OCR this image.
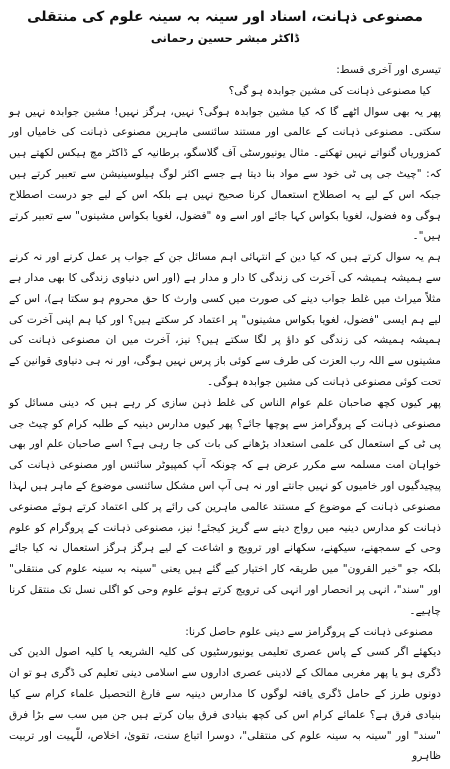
مصنوعی ذہانت، اسناد اور سینہ بہ سینہ علوم کی منتقلی
ڈاکٹر مبشر حسین رحمانی

تیسری اور آخری قسط:

کیا مصنوعی ذہانت کی مشین جوابدہ ہو گی؟

پھر یہ بھی سوال اٹھے گا کہ کیا مشین جوابدہ ہوگی؟ نہیں، ہرگز نہیں! مشین جوابدہ نہیں ہو سکتی۔ مصنوعی ذہانت کے عالمی اور مستند سائنسی ماہرین مصنوعی ذہانت کی خامیاں اور کمزوریاں گنواتے نہیں تھکتے۔ مثال یونیورسٹی آف گلاسگو، برطانیہ کے ڈاکٹر مچ ہیکس لکھتے ہیں کہ: "چیٹ جی پی ٹی خود سے مواد بنا دیتا ہے جسے اکثر لوگ ہیلوسینیشن سے تعبیر کرتے ہیں جبکہ اس کے لیے یہ اصطلاح استعمال کرنا صحیح نہیں ہے بلکہ اس کے لیے جو درست اصطلاح ہوگی وہ فضول، لغویا بکواس کہا جائے اور اسے وہ "فضول، لغویا بکواس مشینوں" سے تعبیر کرتے ہیں"۔

ہم یہ سوال کرتے ہیں کہ کیا دین کے انتہائی اہم مسائل جن کے جواب پر عمل کرنے اور نہ کرنے سے ہمیشہ ہمیشہ کی آخرت کی زندگی کا دار و مدار ہے (اور اس دنیاوی زندگی کا بھی مدار ہے مثلاً میراث میں غلط جواب دینے کی صورت میں کسی وارث کا حق محروم ہو سکتا ہے)، اس کے لیے ہم ایسی "فضول، لغویا بکواس مشینوں" پر اعتماد کر سکتے ہیں؟ اور کیا ہم اپنی آخرت کی ہمیشہ ہمیشہ کی زندگی کو داؤ پر لگا سکتے ہیں؟ نیز، آخرت میں ان مصنوعی ذہانت کی مشینوں سے اللہ رب العزت کی طرف سے کوئی باز پرس نہیں ہوگی، اور نہ ہی دنیاوی قوانین کے تحت کوئی مصنوعی ذہانت کی مشین جوابدہ ہوگی۔

پھر کیوں کچھ صاحبان علم عوام الناس کی غلط ذہن سازی کر رہے ہیں کہ دینی مسائل کو مصنوعی ذہانت کے پروگرامز سے پوچھا جائے؟ پھر کیوں مدارس دینیہ کے طلبہ کرام کو چیٹ جی پی ٹی کے استعمال کی علمی استعداد بڑھانے کی بات کی جا رہی ہے؟ اسے صاحبان علم اور بھی خواہان امت مسلمہ سے مکرر عرض ہے کہ چونکہ آپ کمپیوٹر سائنس اور مصنوعی ذہانت کی پیچیدگیوں اور خامیوں کو نہیں جانتے اور نہ ہی آپ اس مشکل سائنسی موضوع کے ماہر ہیں لہذا مصنوعی ذہانت کے موضوع کے مستند عالمی ماہرین کی رائے پر کلی اعتماد کرتے ہوئے مصنوعی ذہانت کو مدارس دینیہ میں رواج دینے سے گریز کیجئے! نیز، مصنوعی ذہانت کے پروگرام کو علوم وحی کے سمجھنے، سیکھنے، سکھانے اور ترویج و اشاعت کے لیے ہرگز ہرگز استعمال نہ کیا جائے بلکہ جو "خیر القرون" میں طریقہ کار اختیار کیے گئے ہیں یعنی "سینہ بہ سینہ علوم کی منتقلی" اور "سند"، انہی پر انحصار اور انہی کی ترویج کرتے ہوئے علوم وحی کو اگلی نسل تک منتقل کرنا چاہیے۔

مصنوعی ذہانت کے پروگرامز سے دینی علوم حاصل کرنا:

دیکھئے اگر کسی کے پاس عصری تعلیمی یونیورسٹیوں کی کلیہ الشریعہ یا کلیہ اصول الدین کی ڈگری ہو یا پھر مغربی ممالک کے لادینی عصری اداروں سے اسلامی دینی تعلیم کی ڈگری ہو تو ان دونوں طرز کے حامل ڈگری یافتہ لوگوں کا مدارس دینیہ سے فارغ التحصیل علماء کرام سے کیا بنیادی فرق ہے؟ علمائے کرام اس کی کچھ بنیادی فرق بیان کرتے ہیں جن میں سب سے بڑا فرق "سند" اور "سینہ بہ سینہ علوم کی منتقلی"، دوسرا اتباع سنت، تقویٰ، اخلاص، للّٰہیت اور تربیت ظاہرو
